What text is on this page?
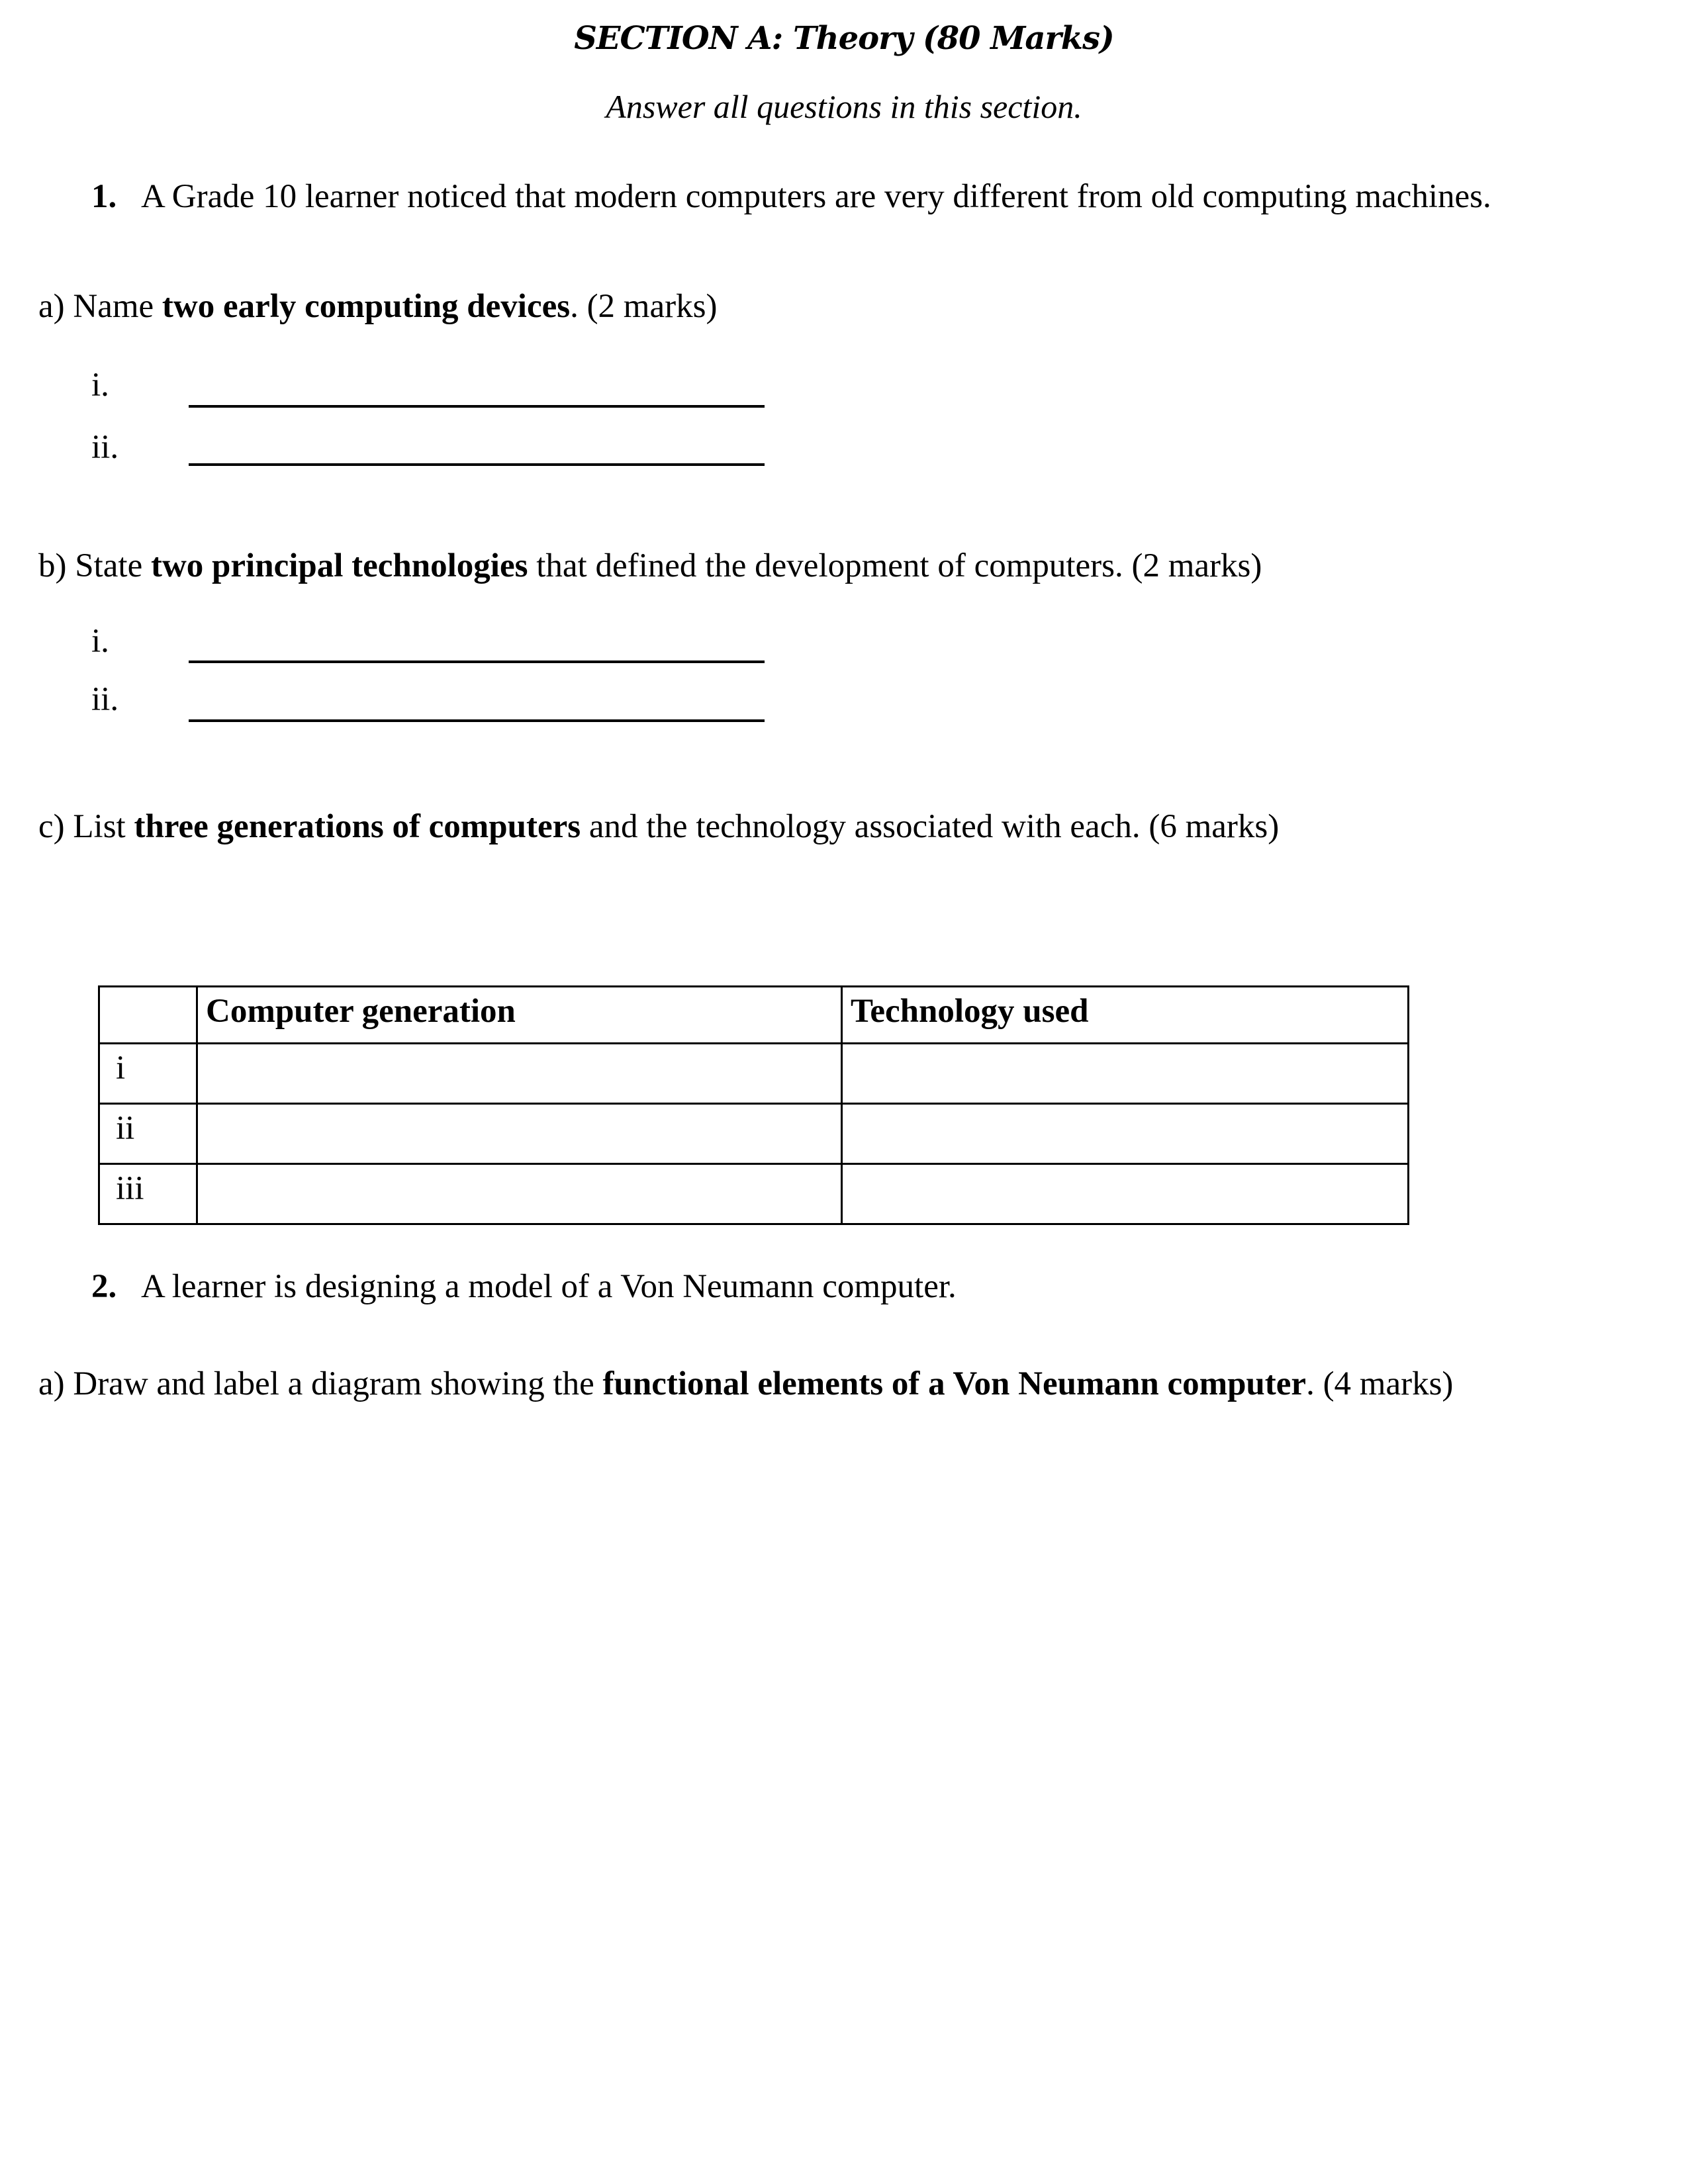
SECTION A: Theory (80 Marks)
Answer all questions in this section.
1. A Grade 10 learner noticed that modern computers are very different from old computing machines.
a) Name two early computing devices. (2 marks)
i.
ii.
b) State two principal technologies that defined the development of computers. (2 marks)
i.
ii.
c) List three generations of computers and the technology associated with each. (6 marks)
	Computer generation	Technology used
i		
ii		
iii		
2. A learner is designing a model of a Von Neumann computer.
a) Draw and label a diagram showing the functional elements of a Von Neumann computer. (4 marks)
